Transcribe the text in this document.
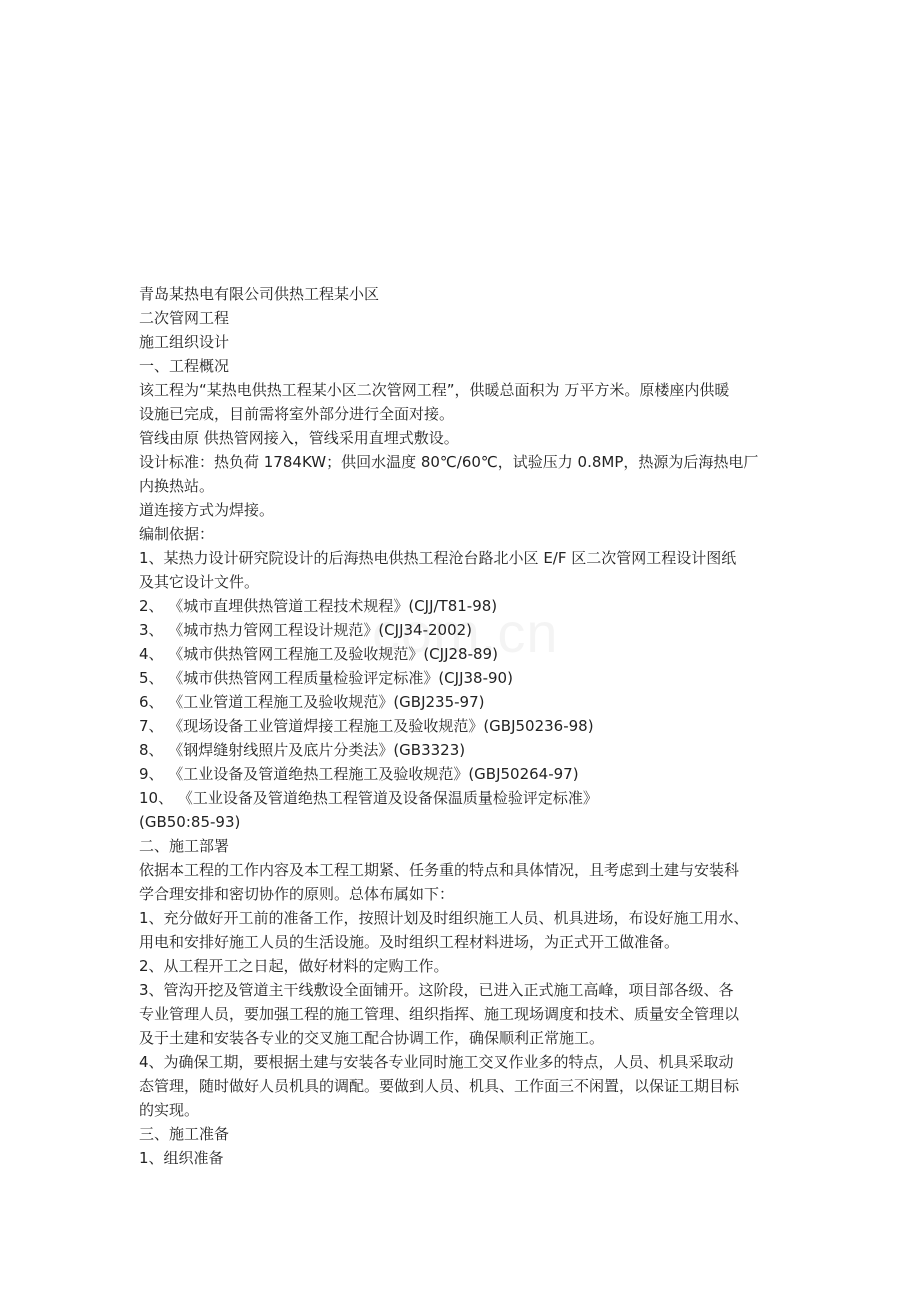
青岛某热电有限公司供热工程某小区
二次管网工程
施工组织设计
一、工程概况
该工程为“某热电供热工程某小区二次管网工程”，供暖总面积为 万平方米。原楼座内供暖
设施已完成，目前需将室外部分进行全面对接。
管线由原 供热管网接入，管线采用直埋式敷设。
设计标准：热负荷 1784KW；供回水温度 80℃/60℃，试验压力 0.8MP，热源为后海热电厂
内换热站。
道连接方式为焊接。
编制依据：
1、某热力设计研究院设计的后海热电供热工程沧台路北小区 E/F 区二次管网工程设计图纸
及其它设计文件。
2、 《城市直埋供热管道工程技术规程》(CJJ/T81-98)
3、 《城市热力管网工程设计规范》(CJJ34-2002)
4、 《城市供热管网工程施工及验收规范》(CJJ28-89)
5、 《城市供热管网工程质量检验评定标准》(CJJ38-90)
6、 《工业管道工程施工及验收规范》(GBJ235-97)
7、 《现场设备工业管道焊接工程施工及验收规范》(GBJ50236-98)
8、 《钢焊缝射线照片及底片分类法》(GB3323)
9、 《工业设备及管道绝热工程施工及验收规范》(GBJ50264-97)
10、 《工业设备及管道绝热工程管道及设备保温质量检验评定标准》
(GB50:85-93)
二、施工部署
依据本工程的工作内容及本工程工期紧、任务重的特点和具体情况，且考虑到土建与安装科
学合理安排和密切协作的原则。总体布属如下：
1、充分做好开工前的准备工作，按照计划及时组织施工人员、机具进场，布设好施工用水、
用电和安排好施工人员的生活设施。及时组织工程材料进场，为正式开工做准备。
2、从工程开工之日起，做好材料的定购工作。
3、管沟开挖及管道主干线敷设全面铺开。这阶段，已进入正式施工高峰，项目部各级、各
专业管理人员，要加强工程的施工管理、组织指挥、施工现场调度和技术、质量安全管理以
及于土建和安装各专业的交叉施工配合协调工作，确保顺利正常施工。
4、为确保工期，要根据土建与安装各专业同时施工交叉作业多的特点，人员、机具采取动
态管理，随时做好人员机具的调配。要做到人员、机具、工作面三不闲置，以保证工期目标
的实现。
三、施工准备
1、组织准备
